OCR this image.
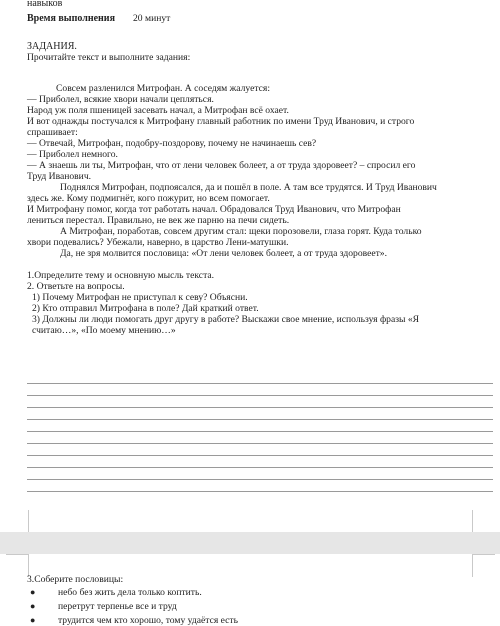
навыков
Время выполнения 20 минут
ЗАДАНИЯ.
Прочитайте текст и выполните задания:
Совсем разленился Митрофан. А соседям жалуется:
— Приболел, всякие хвори начали цепляться.
Народ уж поля пшеницей засевать начал, а Митрофан всё охает.
И вот однажды постучался к Митрофану главный работник по имени Труд Иванович, и строго
спрашивает:
— Отвечай, Митрофан, подобру-поздорову, почему не начинаешь сев?
— Приболел немного.
— А знаешь ли ты, Митрофан, что от лени человек болеет, а от труда здоровеет? – спросил его
Труд Иванович.
Поднялся Митрофан, подпоясался, да и пошёл в поле. А там все трудятся. И Труд Иванович
здесь же. Кому подмигнёт, кого пожурит, но всем помогает.
И Митрофану помог, когда тот работать начал. Обрадовался Труд Иванович, что Митрофан
лениться перестал. Правильно, не век же парню на печи сидеть.
А Митрофан, поработав, совсем другим стал: щеки порозовели, глаза горят. Куда только
хвори подевались? Убежали, наверно, в царство Лени-матушки.
Да, не зря молвится пословица: «От лени человек болеет, а от труда здоровеет».
1.Определите тему и основную мысль текста.
2. Ответьте на вопросы.
1) Почему Митрофан не приступал к севу? Объясни.
2) Кто отправил Митрофана в поле? Дай краткий ответ.
3) Должны ли люди помогать друг другу в работе? Выскажи свое мнение, используя фразы «Я
считаю…», «По моему мнению…»
3.Соберите пословицы:
● небо без жить дела только коптить.
● перетрут терпенье все и труд
● трудится чем кто хорошо, тому удаётся есть
